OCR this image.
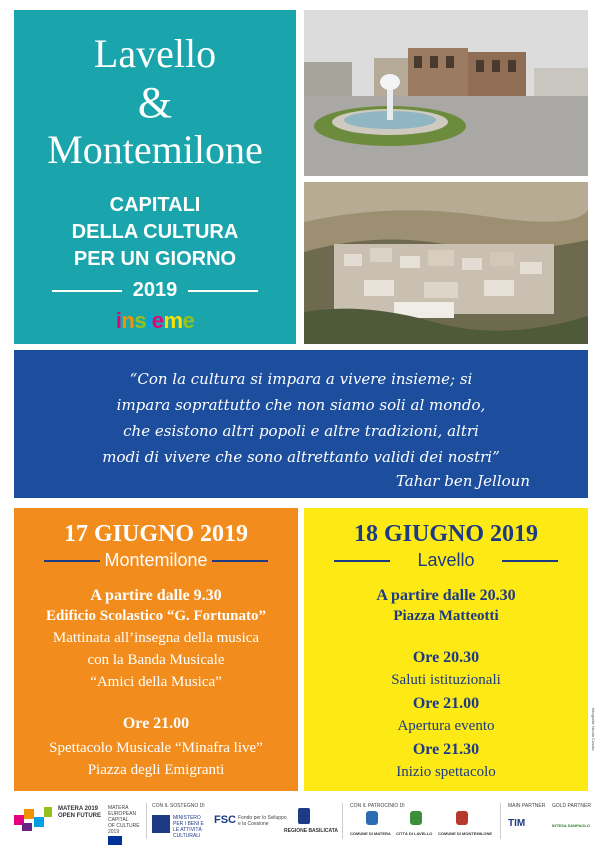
Lavello
&
Montemilone
CAPITALI
DELLA CULTURA
PER UN GIORNO
2019
insieme
“Con la cultura si impara a vivere insieme; si
impara soprattutto che non siamo soli al mondo,
che esistono altri popoli e altre tradizioni, altri
modi di vivere che sono altrettanto validi dei nostri”
Tahar ben Jelloun
17 GIUGNO 2019
Montemilone
A partire dalle 9.30
Edificio Scolastico “G. Fortunato”
Mattinata all’insegna della musica
con la Banda Musicale
“Amici della Musica”
Ore 21.00
Spettacolo Musicale “Minafra live”
Piazza degli Emigranti
18 GIUGNO 2019
Lavello
A partire dalle 20.30
Piazza Matteotti
Ore 20.30
Saluti istituzionali
Ore 21.00
Apertura evento
Ore 21.30
Inizio spettacolo
fotografie Nicola Cosola
MATERA 2019
OPEN FUTURE
MATERA
EUROPEAN
CAPITAL
OF CULTURE
2019
CON IL SOSTEGNO DI
MINISTERO
PER I BENI E
LE ATTIVITÀ
CULTURALI
FSC Fondo per lo Sviluppo
e la Coesione
REGIONE BASILICATA
CON IL PATROCINIO DI
COMUNE DI MATERA CITTÀ DI LAVELLO COMUNE DI MONTEMILONE
MAIN PARTNER
TIM
GOLD PARTNER
INTESA SANPAOLO
